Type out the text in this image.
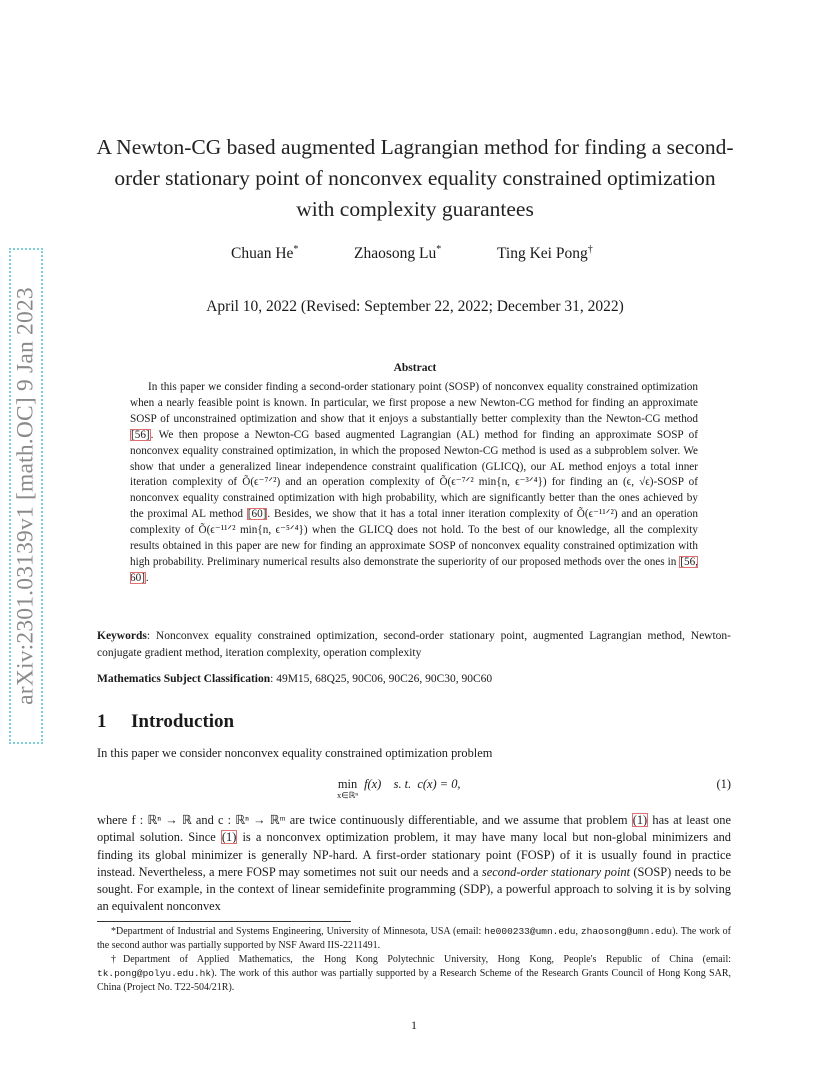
arXiv:2301.03139v1 [math.OC] 9 Jan 2023
A Newton-CG based augmented Lagrangian method for finding a second-order stationary point of nonconvex equality constrained optimization with complexity guarantees
Chuan He*	Zhaosong Lu*	Ting Kei Pong†
April 10, 2022 (Revised: September 22, 2022; December 31, 2022)
Abstract
In this paper we consider finding a second-order stationary point (SOSP) of nonconvex equality constrained optimization when a nearly feasible point is known. In particular, we first propose a new Newton-CG method for finding an approximate SOSP of unconstrained optimization and show that it enjoys a substantially better complexity than the Newton-CG method [56]. We then propose a Newton-CG based augmented Lagrangian (AL) method for finding an approximate SOSP of nonconvex equality constrained optimization, in which the proposed Newton-CG method is used as a subproblem solver. We show that under a generalized linear independence constraint qualification (GLICQ), our AL method enjoys a total inner iteration complexity of Õ(ϵ⁻⁷ᐟ²) and an operation complexity of Õ(ϵ⁻⁷ᐟ² min{n, ϵ⁻³ᐟ⁴}) for finding an (ϵ, √ϵ)-SOSP of nonconvex equality constrained optimization with high probability, which are significantly better than the ones achieved by the proximal AL method [60]. Besides, we show that it has a total inner iteration complexity of Õ(ϵ⁻¹¹ᐟ²) and an operation complexity of Õ(ϵ⁻¹¹ᐟ² min{n, ϵ⁻⁵ᐟ⁴}) when the GLICQ does not hold. To the best of our knowledge, all the complexity results obtained in this paper are new for finding an approximate SOSP of nonconvex equality constrained optimization with high probability. Preliminary numerical results also demonstrate the superiority of our proposed methods over the ones in [56, 60].
Keywords: Nonconvex equality constrained optimization, second-order stationary point, augmented Lagrangian method, Newton-conjugate gradient method, iteration complexity, operation complexity
Mathematics Subject Classification: 49M15, 68Q25, 90C06, 90C26, 90C30, 90C60
1 Introduction
In this paper we consider nonconvex equality constrained optimization problem
min
x∈ℝⁿ
f(x)    s. t.  c(x) = 0,	(1)
where f : ℝⁿ → ℝ and c : ℝⁿ → ℝᵐ are twice continuously differentiable, and we assume that problem (1) has at least one optimal solution. Since (1) is a nonconvex optimization problem, it may have many local but non-global minimizers and finding its global minimizer is generally NP-hard. A first-order stationary point (FOSP) of it is usually found in practice instead. Nevertheless, a mere FOSP may sometimes not suit our needs and a second-order stationary point (SOSP) needs to be sought. For example, in the context of linear semidefinite programming (SDP), a powerful approach to solving it is by solving an equivalent nonconvex

*Department of Industrial and Systems Engineering, University of Minnesota, USA (email: he000233@umn.edu, zhaosong@umn.edu). The work of the second author was partially supported by NSF Award IIS-2211491.

†Department of Applied Mathematics, the Hong Kong Polytechnic University, Hong Kong, People's Republic of China (email: tk.pong@polyu.edu.hk). The work of this author was partially supported by a Research Scheme of the Research Grants Council of Hong Kong SAR, China (Project No. T22-504/21R).

1
